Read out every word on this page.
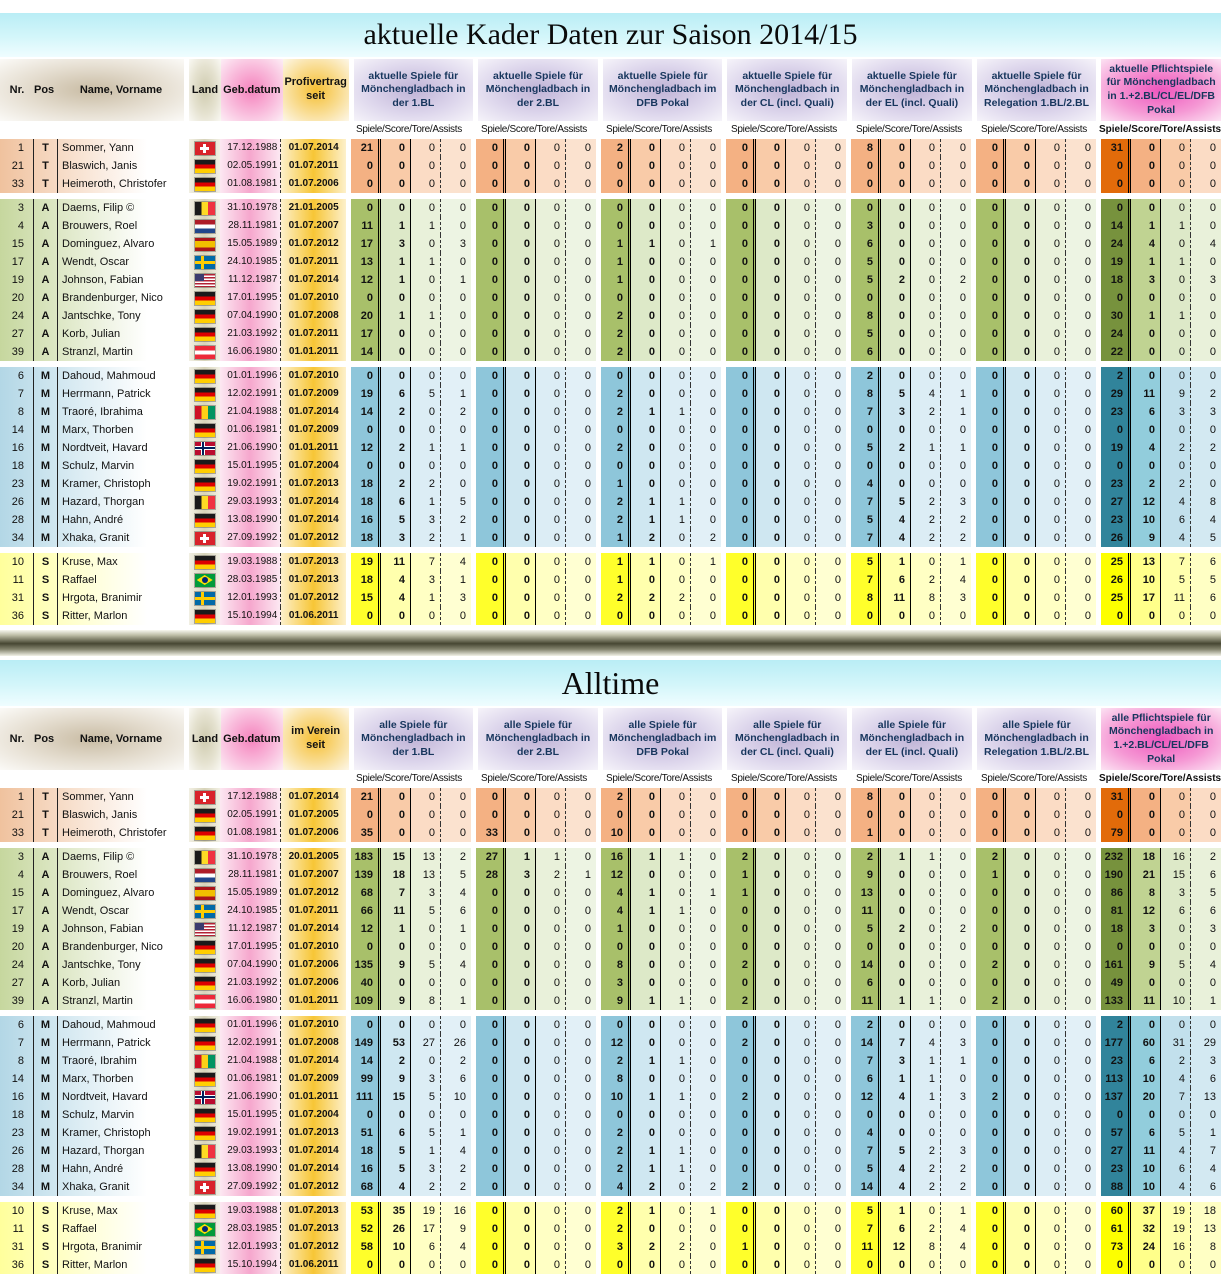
aktuelle Kader Daten zur Saison 2014/15
Nr. Pos	Name, Vorname	Land Geb.datum
Profivertrag seit
aktuelle Spiele für Mönchengladbach in der 1.BL
aktuelle Spiele für Mönchengladbach in der 2.BL
aktuelle Spiele für Mönchengladbach im DFB Pokal
aktuelle Spiele für Mönchengladbach in der CL (incl. Quali)
aktuelle Spiele für Mönchengladbach in der EL (incl. Quali)
aktuelle Spiele für Mönchengladbach in Relegation 1.BL/2.BL
aktuelle Pflichtspiele für Mönchengladbach in 1.+2.BL/CL/EL/DFB Pokal
Spiele/Score/Tore/Assists	Spiele/Score/Tore/Assists	Spiele/Score/Tore/Assists	Spiele/Score/Tore/Assists	Spiele/Score/Tore/Assists	Spiele/Score/Tore/Assists	Spiele/Score/Tore/Assists
1	T	Sommer, Yann	17.12.1988	01.07.2014	21	0	0	0	0	0	0	0	2	0	0	0	0	0	0	0	8	0	0	0	0	0	0	0	31	0	0	0
21	T	Blaswich, Janis	02.05.1991	01.07.2011	0	0	0	0	0	0	0	0	0	0	0	0	0	0	0	0	0	0	0	0	0	0	0	0	0	0	0	0
33	T	Heimeroth, Christofer	01.08.1981	01.07.2006	0	0	0	0	0	0	0	0	0	0	0	0	0	0	0	0	0	0	0	0	0	0	0	0	0	0	0	0
3	A	Daems, Filip ©	31.10.1978	21.01.2005	0	0	0	0	0	0	0	0	0	0	0	0	0	0	0	0	0	0	0	0	0	0	0	0	0	0	0	0
4	A	Brouwers, Roel	28.11.1981	01.07.2007	11	1	1	0	0	0	0	0	0	0	0	0	0	0	0	0	3	0	0	0	0	0	0	0	14	1	1	0
15	A	Dominguez, Alvaro	15.05.1989	01.07.2012	17	3	0	3	0	0	0	0	1	1	0	1	0	0	0	0	6	0	0	0	0	0	0	0	24	4	0	4
17	A	Wendt, Oscar	24.10.1985	01.07.2011	13	1	1	0	0	0	0	0	1	0	0	0	0	0	0	0	5	0	0	0	0	0	0	0	19	1	1	0
19	A	Johnson, Fabian	11.12.1987	01.07.2014	12	1	0	1	0	0	0	0	1	0	0	0	0	0	0	0	5	2	0	2	0	0	0	0	18	3	0	3
20	A	Brandenburger, Nico	17.01.1995	01.07.2010	0	0	0	0	0	0	0	0	0	0	0	0	0	0	0	0	0	0	0	0	0	0	0	0	0	0	0	0
24	A	Jantschke, Tony	07.04.1990	01.07.2008	20	1	1	0	0	0	0	0	2	0	0	0	0	0	0	0	8	0	0	0	0	0	0	0	30	1	1	0
27	A	Korb, Julian	21.03.1992	01.07.2011	17	0	0	0	0	0	0	0	2	0	0	0	0	0	0	0	5	0	0	0	0	0	0	0	24	0	0	0
39	A	Stranzl, Martin	16.06.1980	01.01.2011	14	0	0	0	0	0	0	0	2	0	0	0	0	0	0	0	6	0	0	0	0	0	0	0	22	0	0	0
6	M	Dahoud, Mahmoud	01.01.1996	01.07.2010	0	0	0	0	0	0	0	0	0	0	0	0	0	0	0	0	2	0	0	0	0	0	0	0	2	0	0	0
7	M	Herrmann, Patrick	12.02.1991	01.07.2009	19	6	5	1	0	0	0	0	2	0	0	0	0	0	0	0	8	5	4	1	0	0	0	0	29	11	9	2
8	M	Traoré, Ibrahima	21.04.1988	01.07.2014	14	2	0	2	0	0	0	0	2	1	1	0	0	0	0	0	7	3	2	1	0	0	0	0	23	6	3	3
14	M	Marx, Thorben	01.06.1981	01.07.2009	0	0	0	0	0	0	0	0	0	0	0	0	0	0	0	0	0	0	0	0	0	0	0	0	0	0	0	0
16	M	Nordtveit, Havard	21.06.1990	01.01.2011	12	2	1	1	0	0	0	0	2	0	0	0	0	0	0	0	5	2	1	1	0	0	0	0	19	4	2	2
18	M	Schulz, Marvin	15.01.1995	01.07.2004	0	0	0	0	0	0	0	0	0	0	0	0	0	0	0	0	0	0	0	0	0	0	0	0	0	0	0	0
23	M	Kramer, Christoph	19.02.1991	01.07.2013	18	2	2	0	0	0	0	0	1	0	0	0	0	0	0	0	4	0	0	0	0	0	0	0	23	2	2	0
26	M	Hazard, Thorgan	29.03.1993	01.07.2014	18	6	1	5	0	0	0	0	2	1	1	0	0	0	0	0	7	5	2	3	0	0	0	0	27	12	4	8
28	M	Hahn, André	13.08.1990	01.07.2014	16	5	3	2	0	0	0	0	2	1	1	0	0	0	0	0	5	4	2	2	0	0	0	0	23	10	6	4
34	M	Xhaka, Granit	27.09.1992	01.07.2012	18	3	2	1	0	0	0	0	1	2	0	2	0	0	0	0	7	4	2	2	0	0	0	0	26	9	4	5
10	S	Kruse, Max	19.03.1988	01.07.2013	19	11	7	4	0	0	0	0	1	1	0	1	0	0	0	0	5	1	0	1	0	0	0	0	25	13	7	6
11	S	Raffael	28.03.1985	01.07.2013	18	4	3	1	0	0	0	0	1	0	0	0	0	0	0	0	7	6	2	4	0	0	0	0	26	10	5	5
31	S	Hrgota, Branimir	12.01.1993	01.07.2012	15	4	1	3	0	0	0	0	2	2	2	0	0	0	0	0	8	11	8	3	0	0	0	0	25	17	11	6
36	S	Ritter, Marlon	15.10.1994	01.06.2011	0	0	0	0	0	0	0	0	0	0	0	0	0	0	0	0	0	0	0	0	0	0	0	0	0	0	0	0
Alltime
Nr. Pos	Name, Vorname	Land Geb.datum
im Verein seit
alle Spiele für Mönchengladbach in der 1.BL
alle Spiele für Mönchengladbach in der 2.BL
alle Spiele für Mönchengladbach im DFB Pokal
alle Spiele für Mönchengladbach in der CL (incl. Quali)
alle Spiele für Mönchengladbach in der EL (incl. Quali)
alle Spiele für Mönchengladbach in Relegation 1.BL/2.BL
alle Pflichtspiele für Mönchengladbach in 1.+2.BL/CL/EL/DFB Pokal
Spiele/Score/Tore/Assists	Spiele/Score/Tore/Assists	Spiele/Score/Tore/Assists	Spiele/Score/Tore/Assists	Spiele/Score/Tore/Assists	Spiele/Score/Tore/Assists	Spiele/Score/Tore/Assists
1	T	Sommer, Yann	17.12.1988	01.07.2014	21	0	0	0	0	0	0	0	2	0	0	0	0	0	0	0	8	0	0	0	0	0	0	0	31	0	0	0
21	T	Blaswich, Janis	02.05.1991	01.07.2005	0	0	0	0	0	0	0	0	0	0	0	0	0	0	0	0	0	0	0	0	0	0	0	0	0	0	0	0
33	T	Heimeroth, Christofer	01.08.1981	01.07.2006	35	0	0	0	33	0	0	0	10	0	0	0	0	0	0	0	1	0	0	0	0	0	0	0	79	0	0	0
3	A	Daems, Filip ©	31.10.1978	20.01.2005	183	15	13	2	27	1	1	0	16	1	1	0	2	0	0	0	2	1	1	0	2	0	0	0	232	18	16	2
4	A	Brouwers, Roel	28.11.1981	01.07.2007	139	18	13	5	28	3	2	1	12	0	0	0	1	0	0	0	9	0	0	0	1	0	0	0	190	21	15	6
15	A	Dominguez, Alvaro	15.05.1989	01.07.2012	68	7	3	4	0	0	0	0	4	1	0	1	1	0	0	0	13	0	0	0	0	0	0	0	86	8	3	5
17	A	Wendt, Oscar	24.10.1985	01.07.2011	66	11	5	6	0	0	0	0	4	1	1	0	0	0	0	0	11	0	0	0	0	0	0	0	81	12	6	6
19	A	Johnson, Fabian	11.12.1987	01.07.2014	12	1	0	1	0	0	0	0	1	0	0	0	0	0	0	0	5	2	0	2	0	0	0	0	18	3	0	3
20	A	Brandenburger, Nico	17.01.1995	01.07.2010	0	0	0	0	0	0	0	0	0	0	0	0	0	0	0	0	0	0	0	0	0	0	0	0	0	0	0	0
24	A	Jantschke, Tony	07.04.1990	01.07.2006	135	9	5	4	0	0	0	0	8	0	0	0	2	0	0	0	14	0	0	0	2	0	0	0	161	9	5	4
27	A	Korb, Julian	21.03.1992	01.07.2006	40	0	0	0	0	0	0	0	3	0	0	0	0	0	0	0	6	0	0	0	0	0	0	0	49	0	0	0
39	A	Stranzl, Martin	16.06.1980	01.01.2011	109	9	8	1	0	0	0	0	9	1	1	0	2	0	0	0	11	1	1	0	2	0	0	0	133	11	10	1
6	M	Dahoud, Mahmoud	01.01.1996	01.07.2010	0	0	0	0	0	0	0	0	0	0	0	0	0	0	0	0	2	0	0	0	0	0	0	0	2	0	0	0
7	M	Herrmann, Patrick	12.02.1991	01.07.2008	149	53	27	26	0	0	0	0	12	0	0	0	2	0	0	0	14	7	4	3	0	0	0	0	177	60	31	29
8	M	Traoré, Ibrahim	21.04.1988	01.07.2014	14	2	0	2	0	0	0	0	2	1	1	0	0	0	0	0	7	3	1	1	0	0	0	0	23	6	2	3
14	M	Marx, Thorben	01.06.1981	01.07.2009	99	9	3	6	0	0	0	0	8	0	0	0	0	0	0	0	6	1	1	0	0	0	0	0	113	10	4	6
16	M	Nordtveit, Havard	21.06.1990	01.01.2011	111	15	5	10	0	0	0	0	10	1	1	0	2	0	0	0	12	4	1	3	2	0	0	0	137	20	7	13
18	M	Schulz, Marvin	15.01.1995	01.07.2004	0	0	0	0	0	0	0	0	0	0	0	0	0	0	0	0	0	0	0	0	0	0	0	0	0	0	0	0
23	M	Kramer, Christoph	19.02.1991	01.07.2013	51	6	5	1	0	0	0	0	2	0	0	0	0	0	0	0	4	0	0	0	0	0	0	0	57	6	5	1
26	M	Hazard, Thorgan	29.03.1993	01.07.2014	18	5	1	4	0	0	0	0	2	1	1	0	0	0	0	0	7	5	2	3	0	0	0	0	27	11	4	7
28	M	Hahn, André	13.08.1990	01.07.2014	16	5	3	2	0	0	0	0	2	1	1	0	0	0	0	0	5	4	2	2	0	0	0	0	23	10	6	4
34	M	Xhaka, Granit	27.09.1992	01.07.2012	68	4	2	2	0	0	0	0	4	2	0	2	2	0	0	0	14	4	2	2	0	0	0	0	88	10	4	6
10	S	Kruse, Max	19.03.1988	01.07.2013	53	35	19	16	0	0	0	0	2	1	0	1	0	0	0	0	5	1	0	1	0	0	0	0	60	37	19	18
11	S	Raffael	28.03.1985	01.07.2013	52	26	17	9	0	0	0	0	2	0	0	0	0	0	0	0	7	6	2	4	0	0	0	0	61	32	19	13
31	S	Hrgota, Branimir	12.01.1993	01.07.2012	58	10	6	4	0	0	0	0	3	2	2	0	1	0	0	0	11	12	8	4	0	0	0	0	73	24	16	8
36	S	Ritter, Marlon	15.10.1994	01.06.2011	0	0	0	0	0	0	0	0	0	0	0	0	0	0	0	0	0	0	0	0	0	0	0	0	0	0	0	0
